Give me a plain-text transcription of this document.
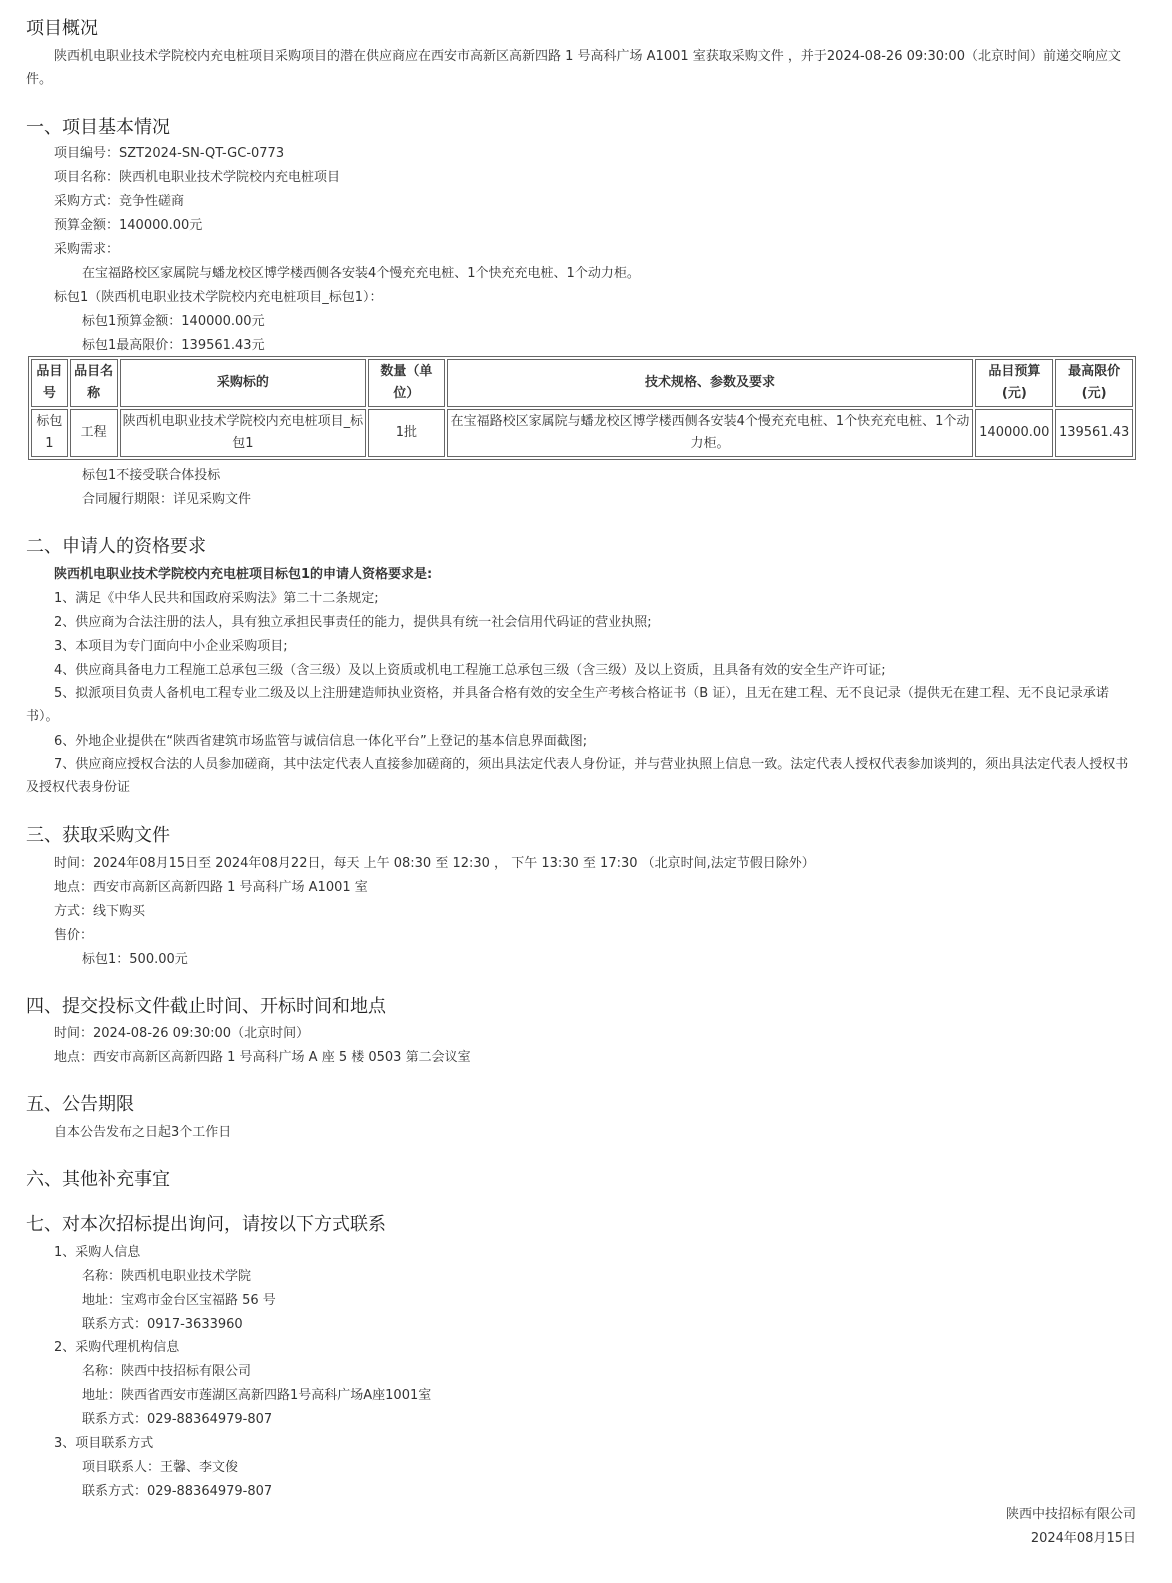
项目概况
陕西机电职业技术学院校内充电桩项目采购项目的潜在供应商应在西安市高新区高新四路 1 号高科广场 A1001 室获取采购文件 ，并于2024-08-26 09:30:00（北京时间）前递交响应文件。
一、项目基本情况
项目编号：SZT2024-SN-QT-GC-0773
项目名称：陕西机电职业技术学院校内充电桩项目
采购方式：竞争性磋商
预算金额：140000.00元
采购需求：
在宝福路校区家属院与蟠龙校区博学楼西侧各安装4个慢充充电桩、1个快充充电桩、1个动力柜。
标包1（陕西机电职业技术学院校内充电桩项目_标包1）：
标包1预算金额：140000.00元
标包1最高限价：139561.43元
品目号	品目名称	采购标的	数量（单位）	技术规格、参数及要求	品目预算(元)	最高限价(元)
标包1	工程	陕西机电职业技术学院校内充电桩项目_标包1	1批	在宝福路校区家属院与蟠龙校区博学楼西侧各安装4个慢充充电桩、1个快充充电桩、1个动力柜。	140000.00	139561.43
标包1不接受联合体投标
合同履行期限：详见采购文件
二、申请人的资格要求
陕西机电职业技术学院校内充电桩项目标包1的申请人资格要求是:
1、满足《中华人民共和国政府采购法》第二十二条规定;
2、供应商为合法注册的法人，具有独立承担民事责任的能力，提供具有统一社会信用代码证的营业执照;
3、本项目为专门面向中小企业采购项目;
4、供应商具备电力工程施工总承包三级（含三级）及以上资质或机电工程施工总承包三级（含三级）及以上资质，且具备有效的安全生产许可证;
5、拟派项目负责人备机电工程专业二级及以上注册建造师执业资格，并具备合格有效的安全生产考核合格证书（B 证），且无在建工程、无不良记录（提供无在建工程、无不良记录承诺书）。
6、外地企业提供在“陕西省建筑市场监管与诚信信息一体化平台”上登记的基本信息界面截图;
7、供应商应授权合法的人员参加磋商，其中法定代表人直接参加磋商的，须出具法定代表人身份证，并与营业执照上信息一致。法定代表人授权代表参加谈判的，须出具法定代表人授权书及授权代表身份证
三、获取采购文件
时间：2024年08月15日至 2024年08月22日，每天 上午 08:30 至 12:30 ， 下午 13:30 至 17:30 （北京时间,法定节假日除外）
地点：西安市高新区高新四路 1 号高科广场 A1001 室
方式：线下购买
售价：
标包1：500.00元
四、提交投标文件截止时间、开标时间和地点
时间：2024-08-26 09:30:00（北京时间）
地点：西安市高新区高新四路 1 号高科广场 A 座 5 楼 0503 第二会议室
五、公告期限
自本公告发布之日起3个工作日
六、其他补充事宜
七、对本次招标提出询问，请按以下方式联系
1、采购人信息
名称：陕西机电职业技术学院
地址：宝鸡市金台区宝福路 56 号
联系方式：0917-3633960
2、采购代理机构信息
名称：陕西中技招标有限公司
地址：陕西省西安市莲湖区高新四路1号高科广场A座1001室
联系方式：029-88364979-807
3、项目联系方式
项目联系人：王馨、李文俊
联系方式：029-88364979-807
陕西中技招标有限公司
2024年08月15日
